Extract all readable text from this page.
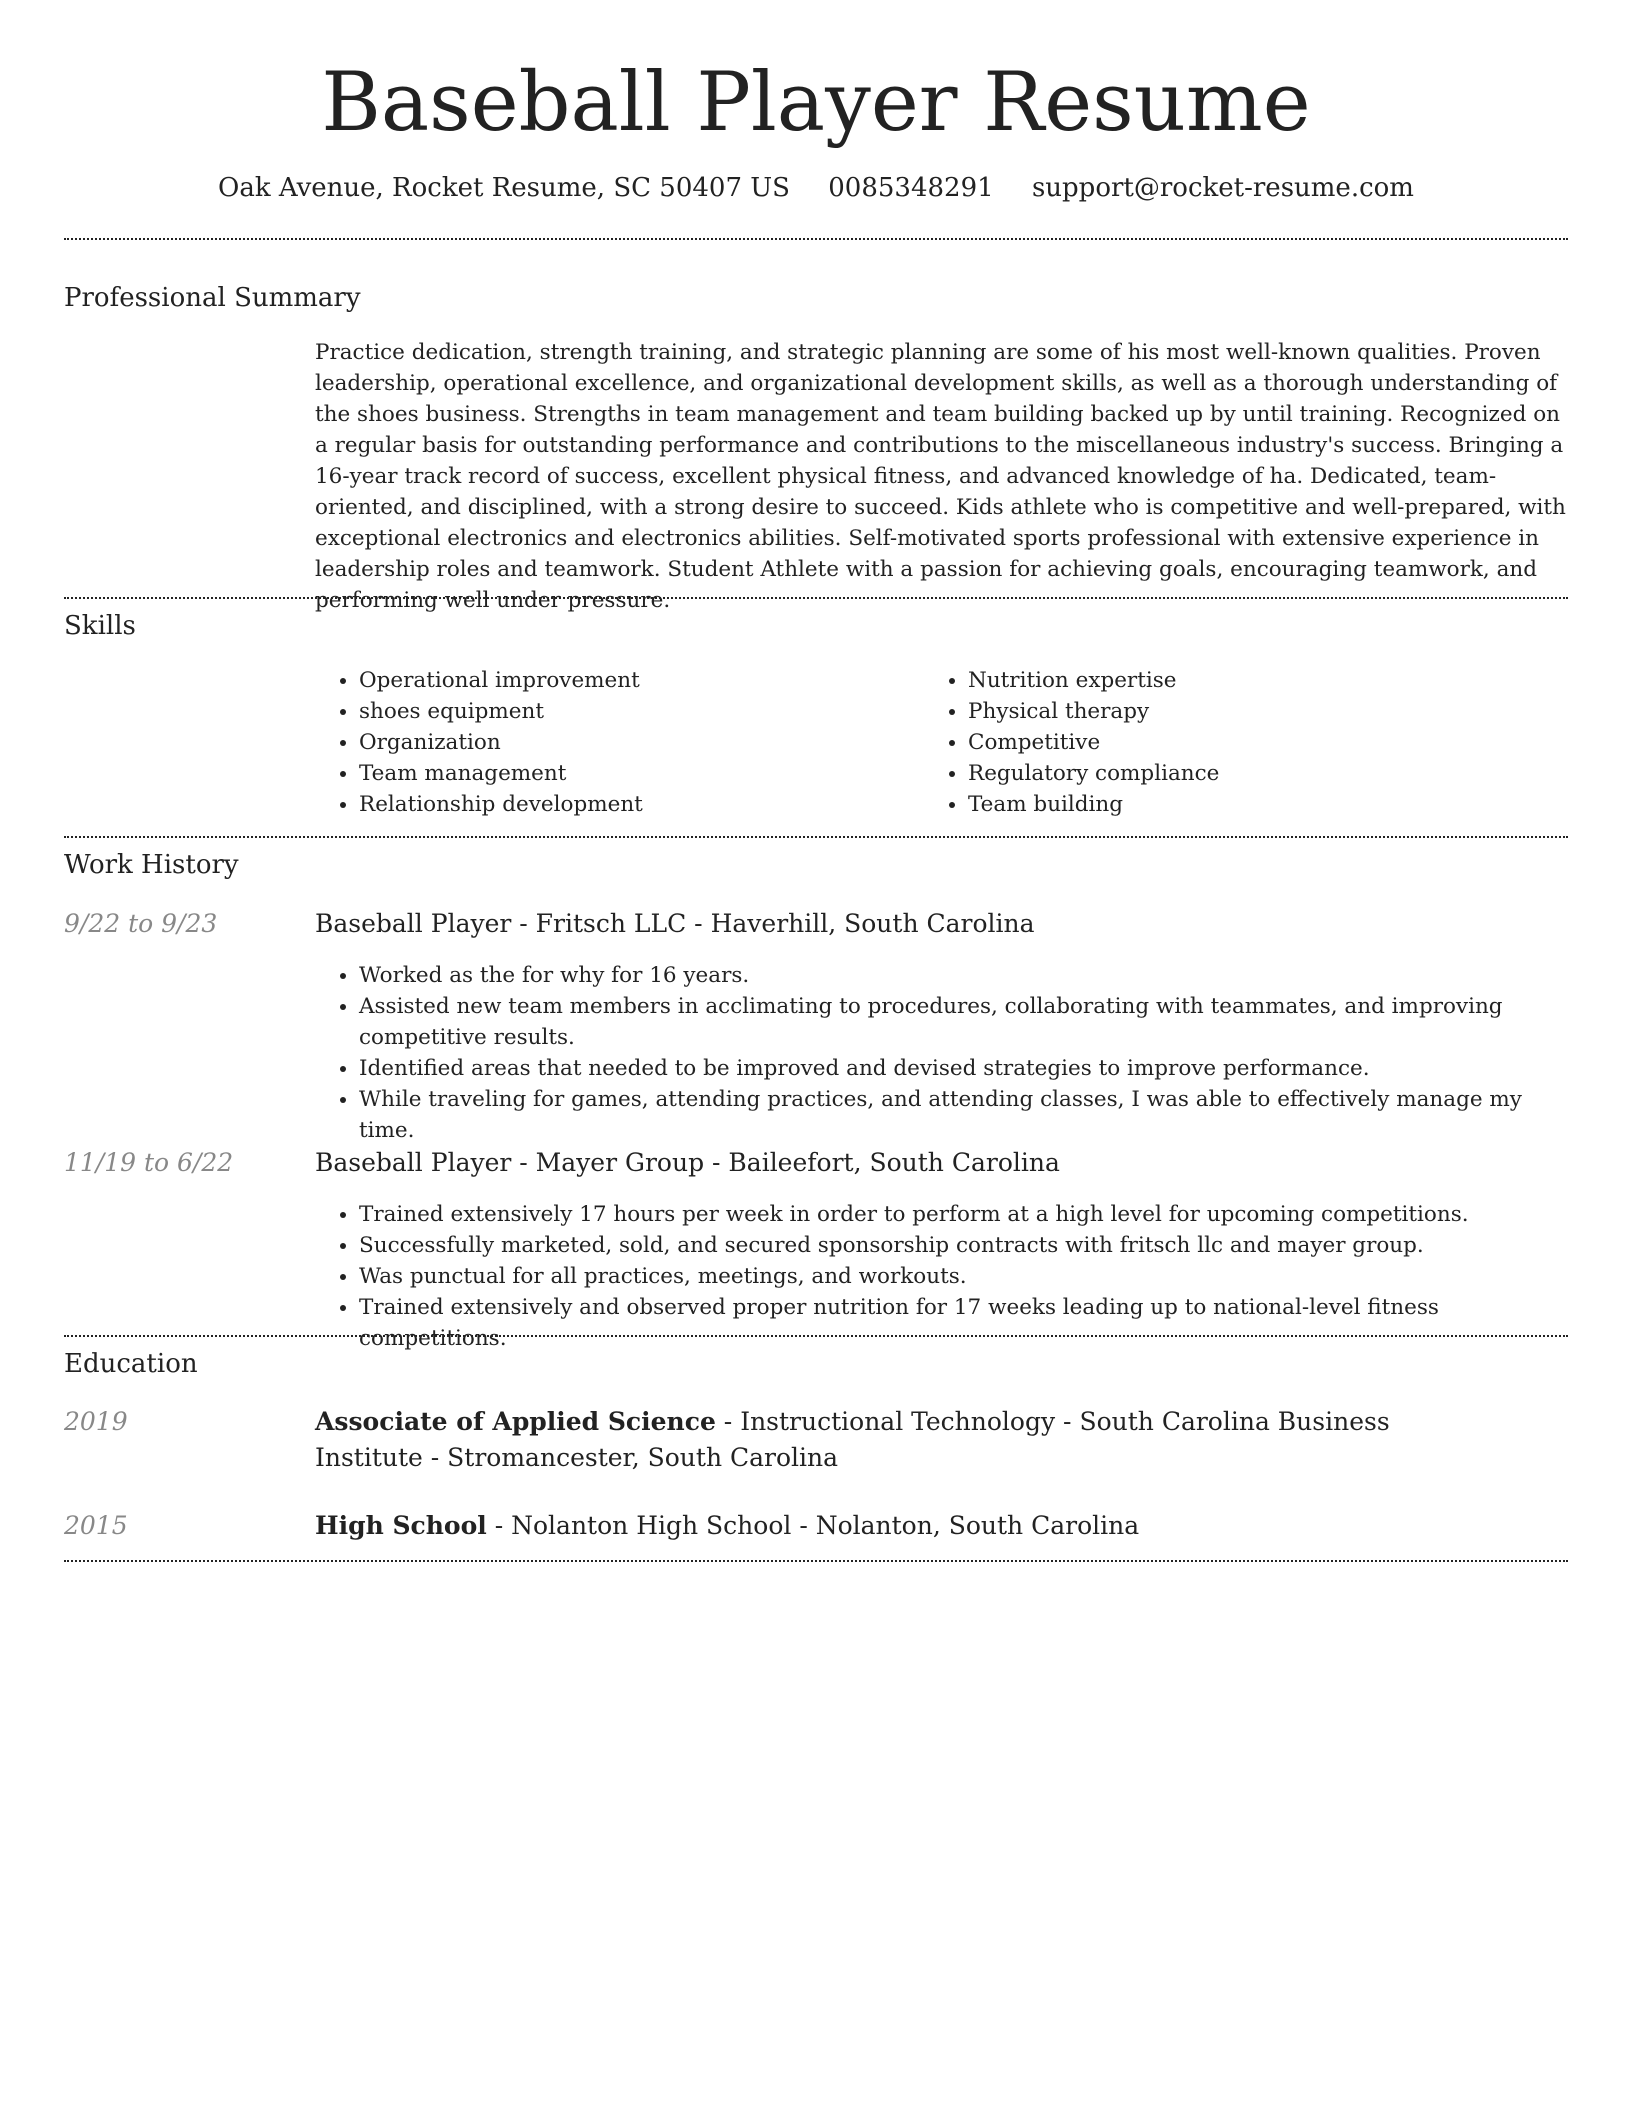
Baseball Player Resume
Oak Avenue, Rocket Resume, SC 50407 US 0085348291 support@rocket-resume.com
Professional Summary
Practice dedication, strength training, and strategic planning are some of his most well-known qualities. Proven leadership, operational excellence, and organizational development skills, as well as a thorough understanding of the shoes business. Strengths in team management and team building backed up by until training. Recognized on a regular basis for outstanding performance and contributions to the miscellaneous industry's success. Bringing a 16-year track record of success, excellent physical fitness, and advanced knowledge of ha. Dedicated, team-oriented, and disciplined, with a strong desire to succeed. Kids athlete who is competitive and well-prepared, with exceptional electronics and electronics abilities. Self-motivated sports professional with extensive experience in leadership roles and teamwork. Student Athlete with a passion for achieving goals, encouraging teamwork, and performing well under pressure.
Skills
• Operational improvement
• shoes equipment
• Organization
• Team management
• Relationship development
• Nutrition expertise
• Physical therapy
• Competitive
• Regulatory compliance
• Team building
Work History
9/22 to 9/23	Baseball Player - Fritsch LLC - Haverhill, South Carolina
• Worked as the for why for 16 years.
• Assisted new team members in acclimating to procedures, collaborating with teammates, and improving competitive results.
• Identified areas that needed to be improved and devised strategies to improve performance.
• While traveling for games, attending practices, and attending classes, I was able to effectively manage my time.
11/19 to 6/22	Baseball Player - Mayer Group - Baileefort, South Carolina
• Trained extensively 17 hours per week in order to perform at a high level for upcoming competitions.
• Successfully marketed, sold, and secured sponsorship contracts with fritsch llc and mayer group.
• Was punctual for all practices, meetings, and workouts.
• Trained extensively and observed proper nutrition for 17 weeks leading up to national-level fitness competitions.
Education
2019	Associate of Applied Science - Instructional Technology - South Carolina Business Institute - Stromancester, South Carolina
2015	High School - Nolanton High School - Nolanton, South Carolina
